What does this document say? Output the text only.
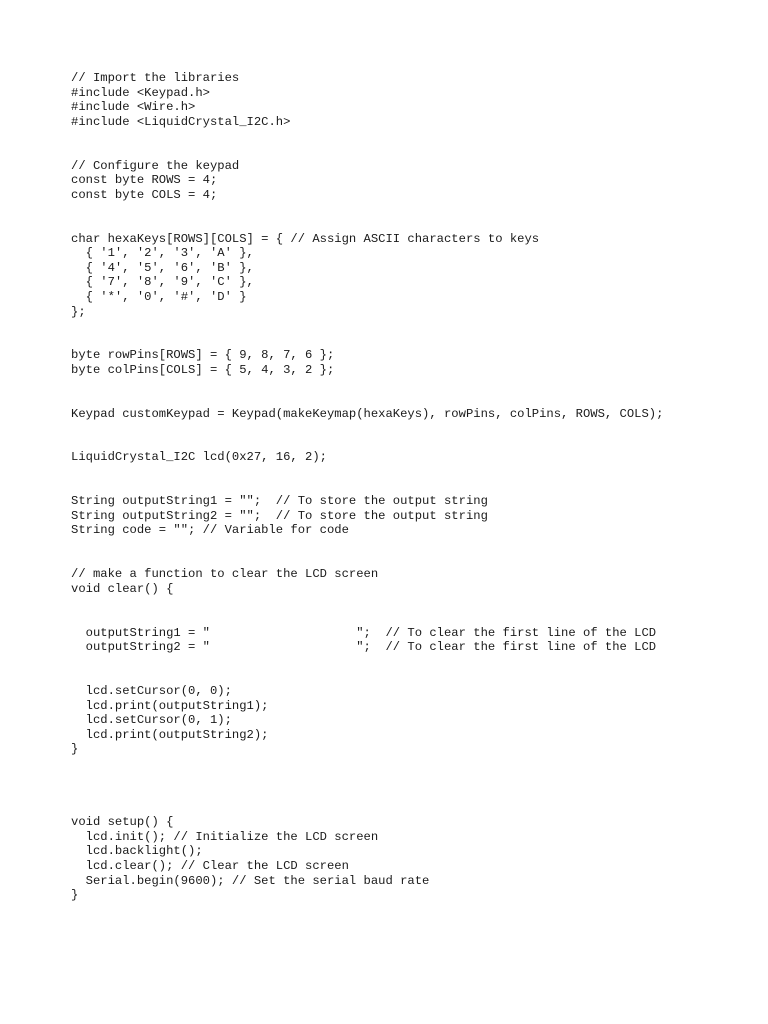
// Import the libraries
#include <Keypad.h>
#include <Wire.h>
#include <LiquidCrystal_I2C.h>
// Configure the keypad
const byte ROWS = 4;
const byte COLS = 4;
char hexaKeys[ROWS][COLS] = { // Assign ASCII characters to keys
{ '1', '2', '3', 'A' },
{ '4', '5', '6', 'B' },
{ '7', '8', '9', 'C' },
{ '*', '0', '#', 'D' }
};
byte rowPins[ROWS] = { 9, 8, 7, 6 };
byte colPins[COLS] = { 5, 4, 3, 2 };
Keypad customKeypad = Keypad(makeKeymap(hexaKeys), rowPins, colPins, ROWS, COLS);
LiquidCrystal_I2C lcd(0x27, 16, 2);
String outputString1 = "";  // To store the output string
String outputString2 = "";  // To store the output string
String code = ""; // Variable for code
// make a function to clear the LCD screen
void clear() {
outputString1 = "                    ";  // To clear the first line of the LCD
outputString2 = "                    ";  // To clear the first line of the LCD
lcd.setCursor(0, 0);
lcd.print(outputString1);
lcd.setCursor(0, 1);
lcd.print(outputString2);
}
void setup() {
lcd.init(); // Initialize the LCD screen
lcd.backlight();
lcd.clear(); // Clear the LCD screen
Serial.begin(9600); // Set the serial baud rate
}
